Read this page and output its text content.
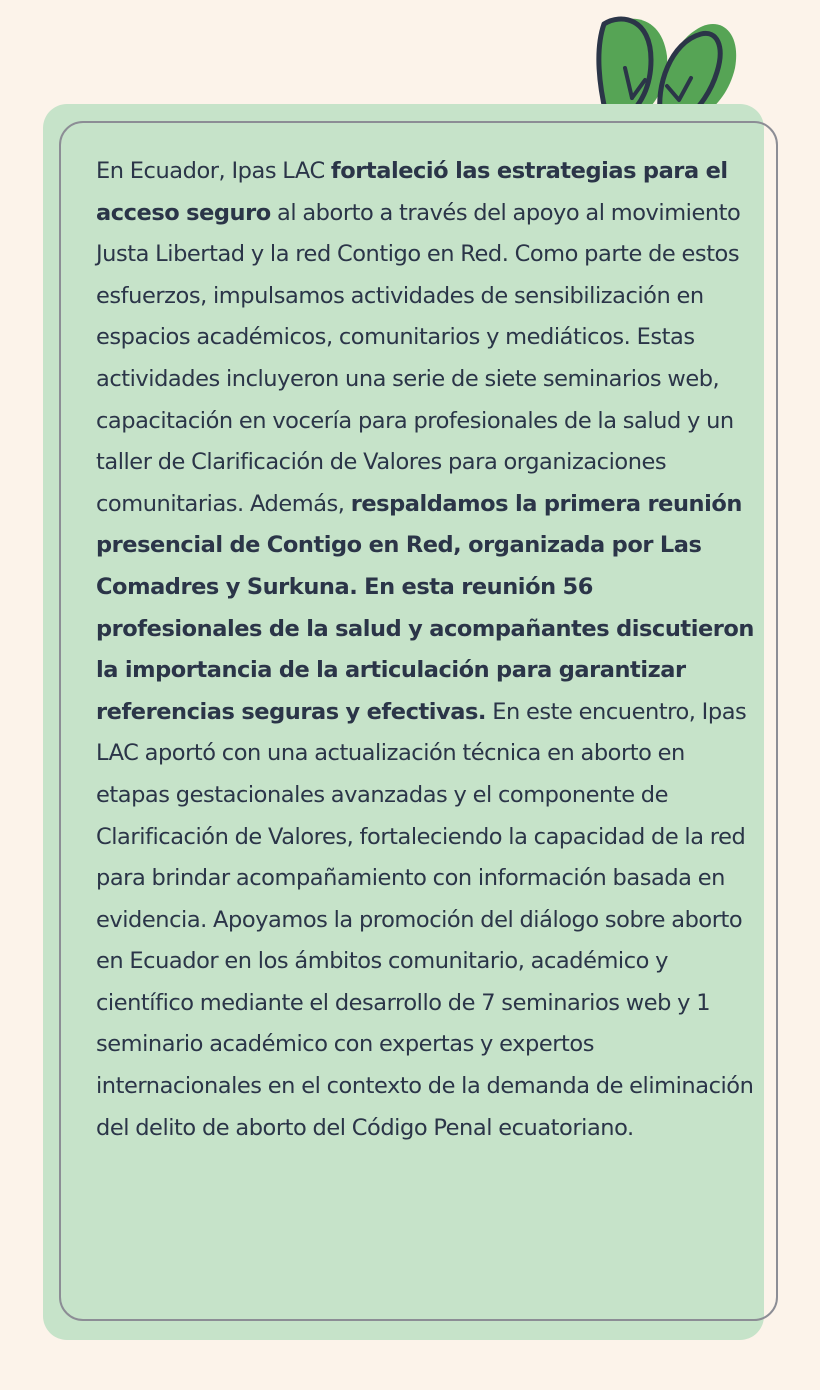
En Ecuador, Ipas LAC fortaleció las estrategias para el acceso seguro al aborto a través del apoyo al movimiento Justa Libertad y la red Contigo en Red. Como parte de estos esfuerzos, impulsamos actividades de sensibilización en espacios académicos, comunitarios y mediáticos. Estas actividades incluyeron una serie de siete seminarios web, capacitación en vocería para profesionales de la salud y un taller de Clarificación de Valores para organizaciones comunitarias. Además, respaldamos la primera reunión presencial de Contigo en Red, organizada por Las Comadres y Surkuna. En esta reunión 56 profesionales de la salud y acompañantes discutieron la importancia de la articulación para garantizar referencias seguras y efectivas. En este encuentro, Ipas LAC aportó con una actualización técnica en aborto en etapas gestacionales avanzadas y el componente de Clarificación de Valores, fortaleciendo la capacidad de la red para brindar acompañamiento con información basada en evidencia. Apoyamos la promoción del diálogo sobre aborto en Ecuador en los ámbitos comunitario, académico y científico mediante el desarrollo de 7 seminarios web y 1 seminario académico con expertas y expertos internacionales en el contexto de la demanda de eliminación del delito de aborto del Código Penal ecuatoriano.
